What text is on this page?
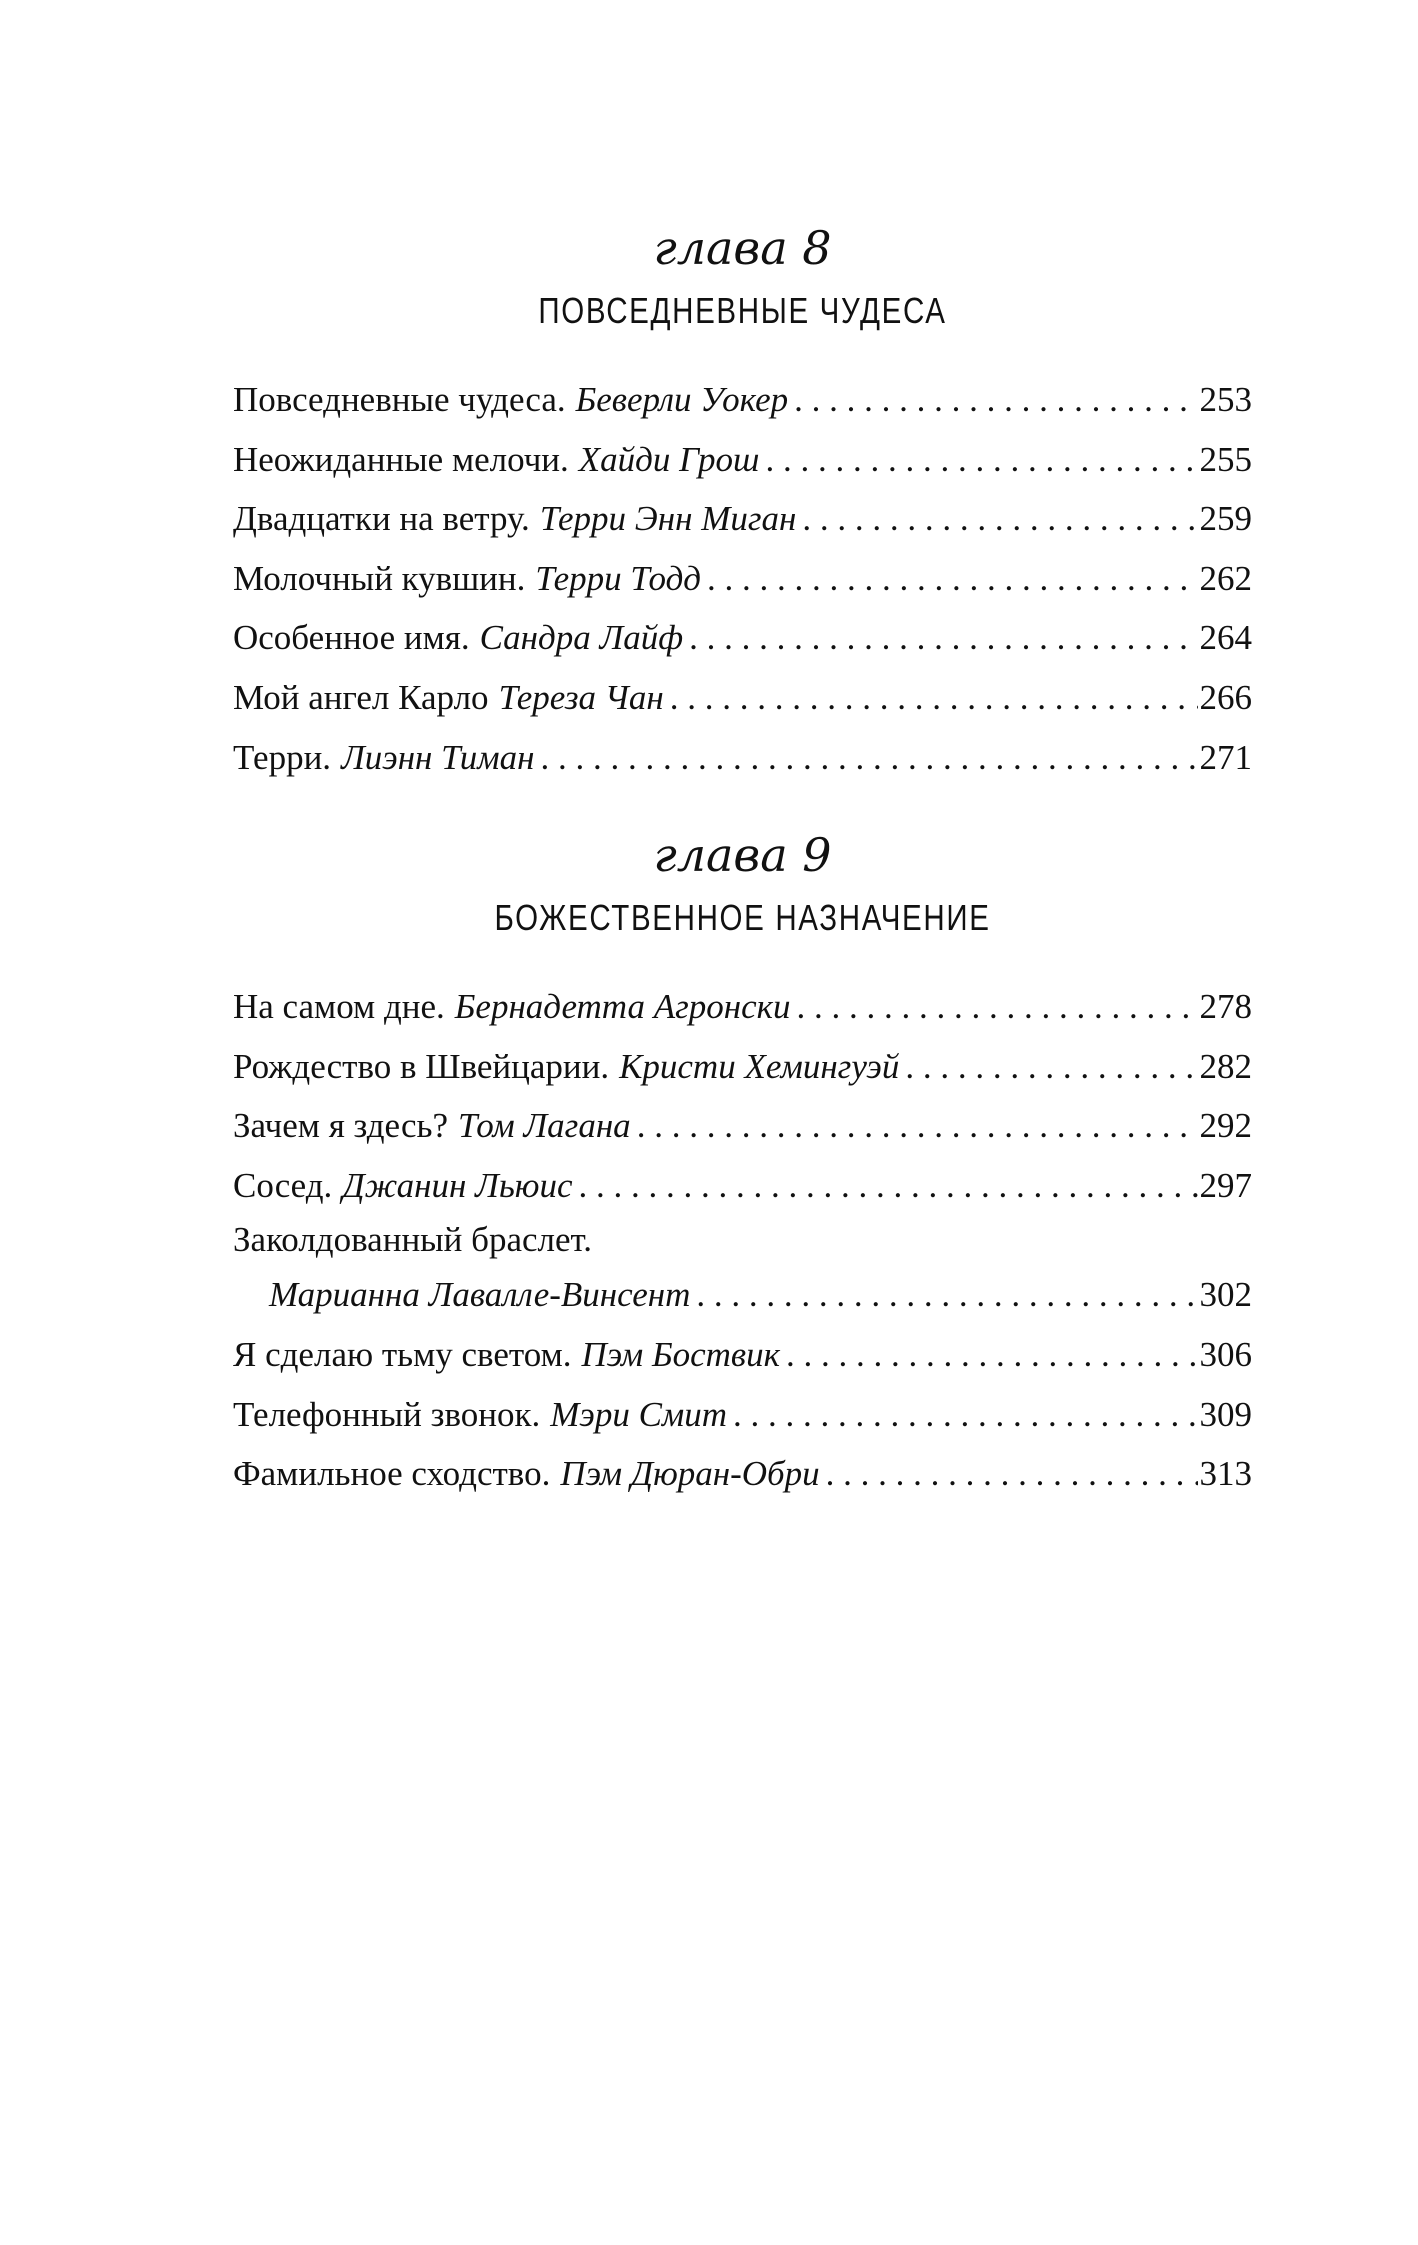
глава 8
ПОВСЕДНЕВНЫЕ ЧУДЕСА
Повседневные чудеса. Беверли Уокер . . .	253
Неожиданные мелочи. Хайди Грош . . .	255
Двадцатки на ветру. Терри Энн Миган . . .	259
Молочный кувшин. Терри Тодд . . .	262
Особенное имя. Сандра Лайф . . .	264
Мой ангел Карло Тереза Чан . . .	266
Терри. Лиэнн Тиман . . .	271
глава 9
БОЖЕСТВЕННОЕ НАЗНАЧЕНИЕ
На самом дне. Бернадетта Агронски . . .	278
Рождество в Швейцарии. Кристи Хемингуэй . . .	282
Зачем я здесь? Том Лагана . . .	292
Сосед. Джанин Льюис . . .	297
Заколдованный браслет.
Марианна Лавалле-Винсент . . .	302
Я сделаю тьму светом. Пэм Боствик . . .	306
Телефонный звонок. Мэри Смит . . .	309
Фамильное сходство. Пэм Дюран-Обри . . .	313
